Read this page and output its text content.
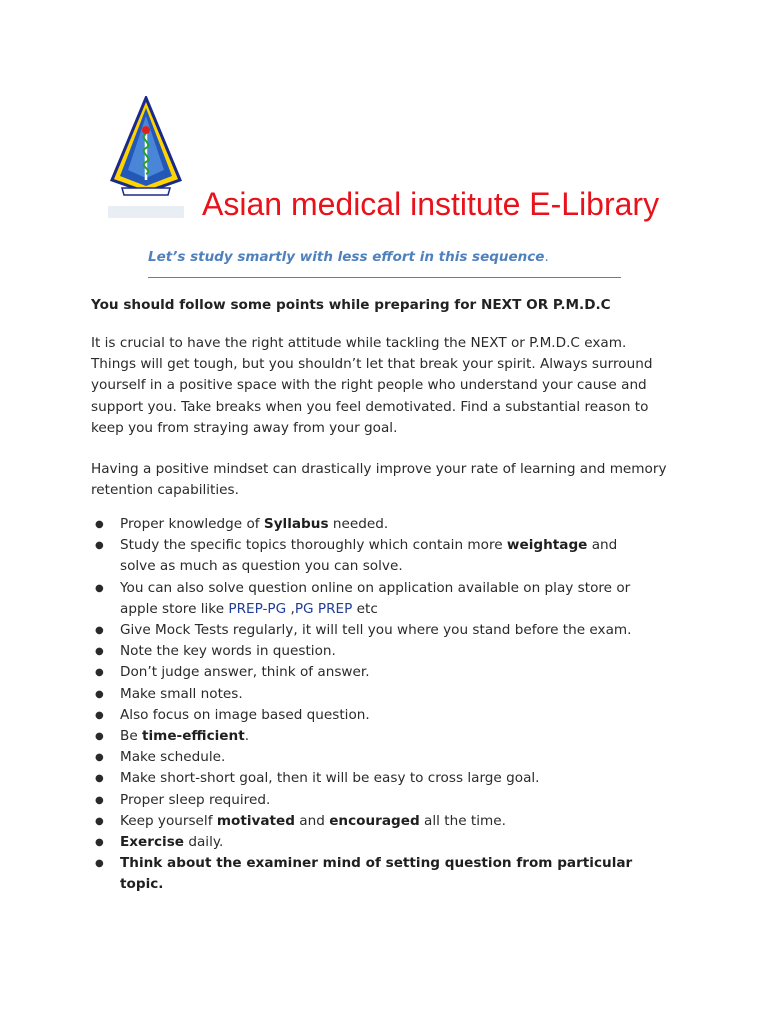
Asian medical institute E-Library
Let’s study smartly with less effort in this sequence.
You should follow some points while preparing for NEXT OR P.M.D.C
It is crucial to have the right attitude while tackling the NEXT or P.M.D.C exam.
Things will get tough, but you shouldn’t let that break your spirit. Always surround
yourself in a positive space with the right people who understand your cause and
support you. Take breaks when you feel demotivated. Find a substantial reason to
keep you from straying away from your goal.
Having a positive mindset can drastically improve your rate of learning and memory
retention capabilities.
● Proper knowledge of Syllabus needed.
● Study the specific topics thoroughly which contain more weightage and
solve as much as question you can solve.
● You can also solve question online on application available on play store or
apple store like PREP-PG ,PG PREP etc
● Give Mock Tests regularly, it will tell you where you stand before the exam.
● Note the key words in question.
● Don’t judge answer, think of answer.
● Make small notes.
● Also focus on image based question.
● Be time-efficient.
● Make schedule.
● Make short-short goal, then it will be easy to cross large goal.
● Proper sleep required.
● Keep yourself motivated and encouraged all the time.
● Exercise daily.
● Think about the examiner mind of setting question from particular
topic.
